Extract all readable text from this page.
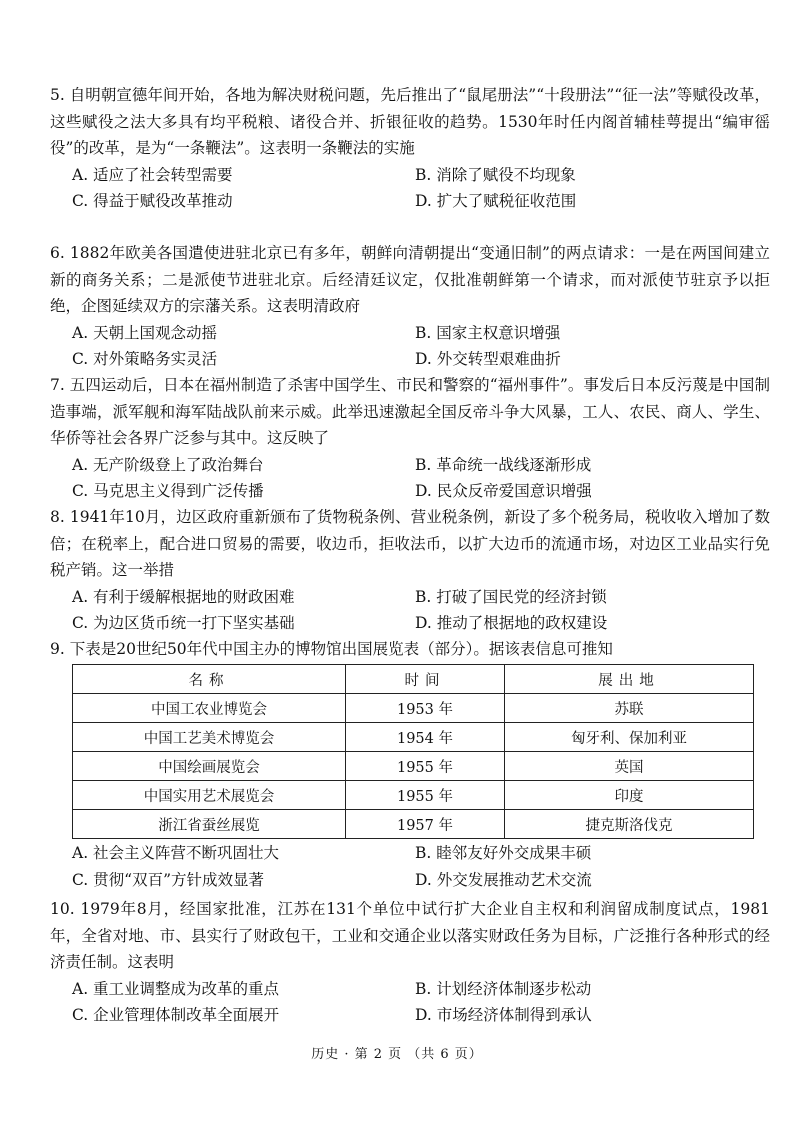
5. 自明朝宣德年间开始，各地为解决财税问题，先后推出了“鼠尾册法”“十段册法”“征一法”等赋役改革，这些赋役之法大多具有均平税粮、诸役合并、折银征收的趋势。1530年时任内阁首辅桂萼提出“编审徭役”的改革，是为“一条鞭法”。这表明一条鞭法的实施
A. 适应了社会转型需要	B. 消除了赋役不均现象
C. 得益于赋役改革推动	D. 扩大了赋税征收范围
6. 1882年欧美各国遣使进驻北京已有多年，朝鲜向清朝提出“变通旧制”的两点请求：一是在两国间建立新的商务关系；二是派使节进驻北京。后经清廷议定，仅批准朝鲜第一个请求，而对派使节驻京予以拒绝，企图延续双方的宗藩关系。这表明清政府
A. 天朝上国观念动摇	B. 国家主权意识增强
C. 对外策略务实灵活	D. 外交转型艰难曲折
7. 五四运动后，日本在福州制造了杀害中国学生、市民和警察的“福州事件”。事发后日本反污蔑是中国制造事端，派军舰和海军陆战队前来示威。此举迅速激起全国反帝斗争大风暴，工人、农民、商人、学生、华侨等社会各界广泛参与其中。这反映了
A. 无产阶级登上了政治舞台	B. 革命统一战线逐渐形成
C. 马克思主义得到广泛传播	D. 民众反帝爱国意识增强
8. 1941年10月，边区政府重新颁布了货物税条例、营业税条例，新设了多个税务局，税收收入增加了数倍；在税率上，配合进口贸易的需要，收边币，拒收法币，以扩大边币的流通市场，对边区工业品实行免税产销。这一举措
A. 有利于缓解根据地的财政困难	B. 打破了国民党的经济封锁
C. 为边区货币统一打下坚实基础	D. 推动了根据地的政权建设
9. 下表是20世纪50年代中国主办的博物馆出国展览表（部分）。据该表信息可推知
名称	时间	展出地
中国工农业博览会	1953 年	苏联
中国工艺美术博览会	1954 年	匈牙利、保加利亚
中国绘画展览会	1955 年	英国
中国实用艺术展览会	1955 年	印度
浙江省蚕丝展览	1957 年	捷克斯洛伐克
A. 社会主义阵营不断巩固壮大	B. 睦邻友好外交成果丰硕
C. 贯彻“双百”方针成效显著	D. 外交发展推动艺术交流
10. 1979年8月，经国家批准，江苏在131个单位中试行扩大企业自主权和利润留成制度试点，1981年，全省对地、市、县实行了财政包干，工业和交通企业以落实财政任务为目标，广泛推行各种形式的经济责任制。这表明
A. 重工业调整成为改革的重点	B. 计划经济体制逐步松动
C. 企业管理体制改革全面展开	D. 市场经济体制得到承认
历史 · 第 2 页 （共 6 页）
